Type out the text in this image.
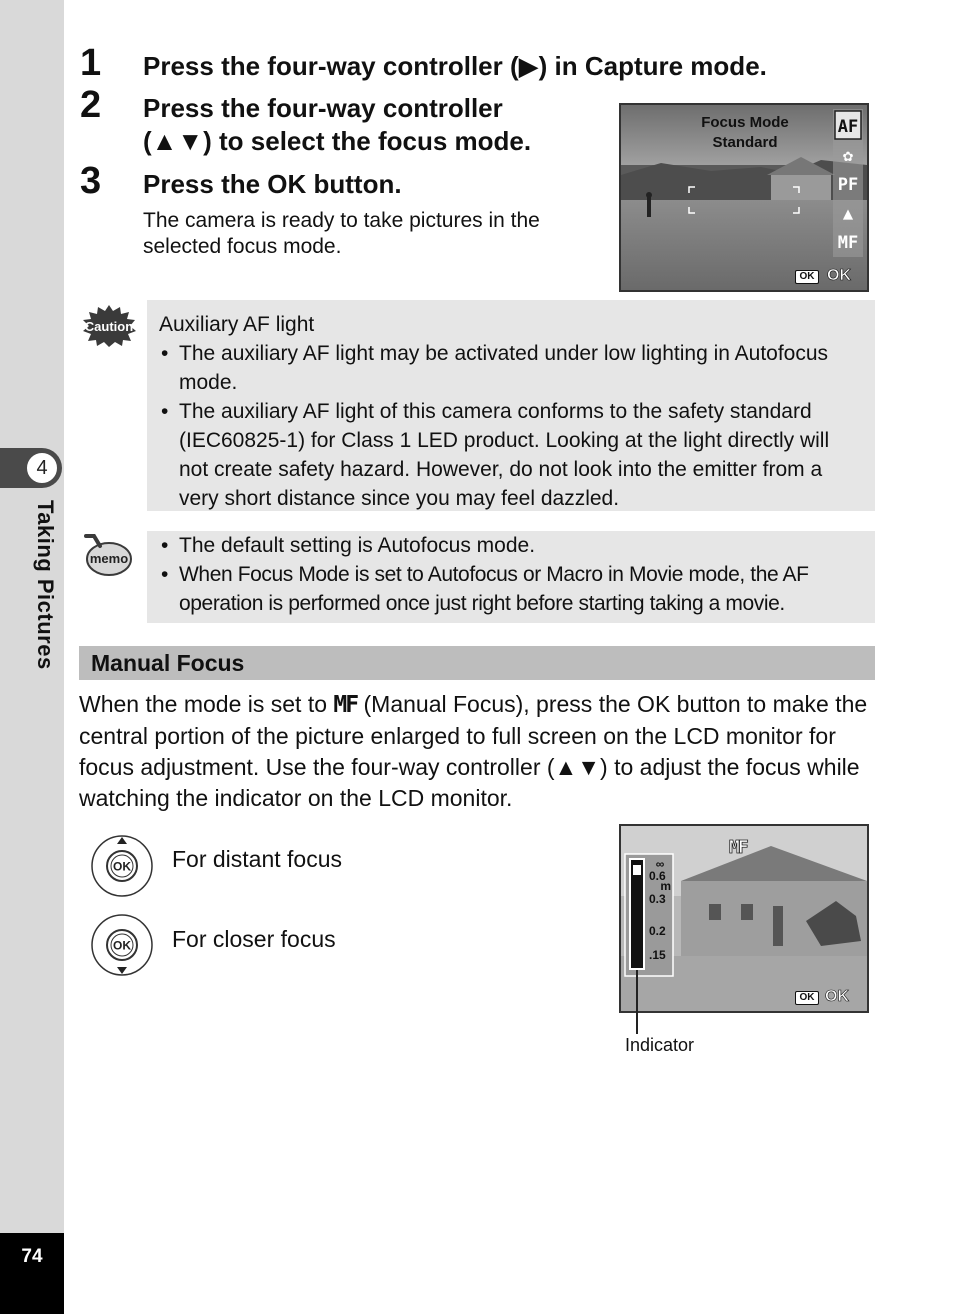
4
Taking Pictures
74
1 Press the four-way controller (▶) in Capture mode.
2 Press the four-way controller
(▲▼) to select the focus mode.
3 Press the OK button.
The camera is ready to take pictures in the
selected focus mode.
Focus Mode
Standard
AF
✿
PF
▲
MF
OK OK
Caution Auxiliary AF light
• The auxiliary AF light may be activated under low lighting in Autofocus mode.
• The auxiliary AF light of this camera conforms to the safety standard (IEC60825-1) for Class 1 LED product. Looking at the light directly will not create safety hazard. However, do not look into the emitter from a very short distance since you may feel dazzled.
memo
• The default setting is Autofocus mode.
• When Focus Mode is set to Autofocus or Macro in Movie mode, the AF operation is performed once just right before starting taking a movie.
Manual Focus
When the mode is set to MF (Manual Focus), press the OK button to make the central portion of the picture enlarged to full screen on the LCD monitor for focus adjustment. Use the four-way controller (▲▼) to adjust the focus while watching the indicator on the LCD monitor.
OK For distant focus
OK For closer focus
MF
∞
0.6
m
0.3
0.2
.15
OK OK
Indicator
